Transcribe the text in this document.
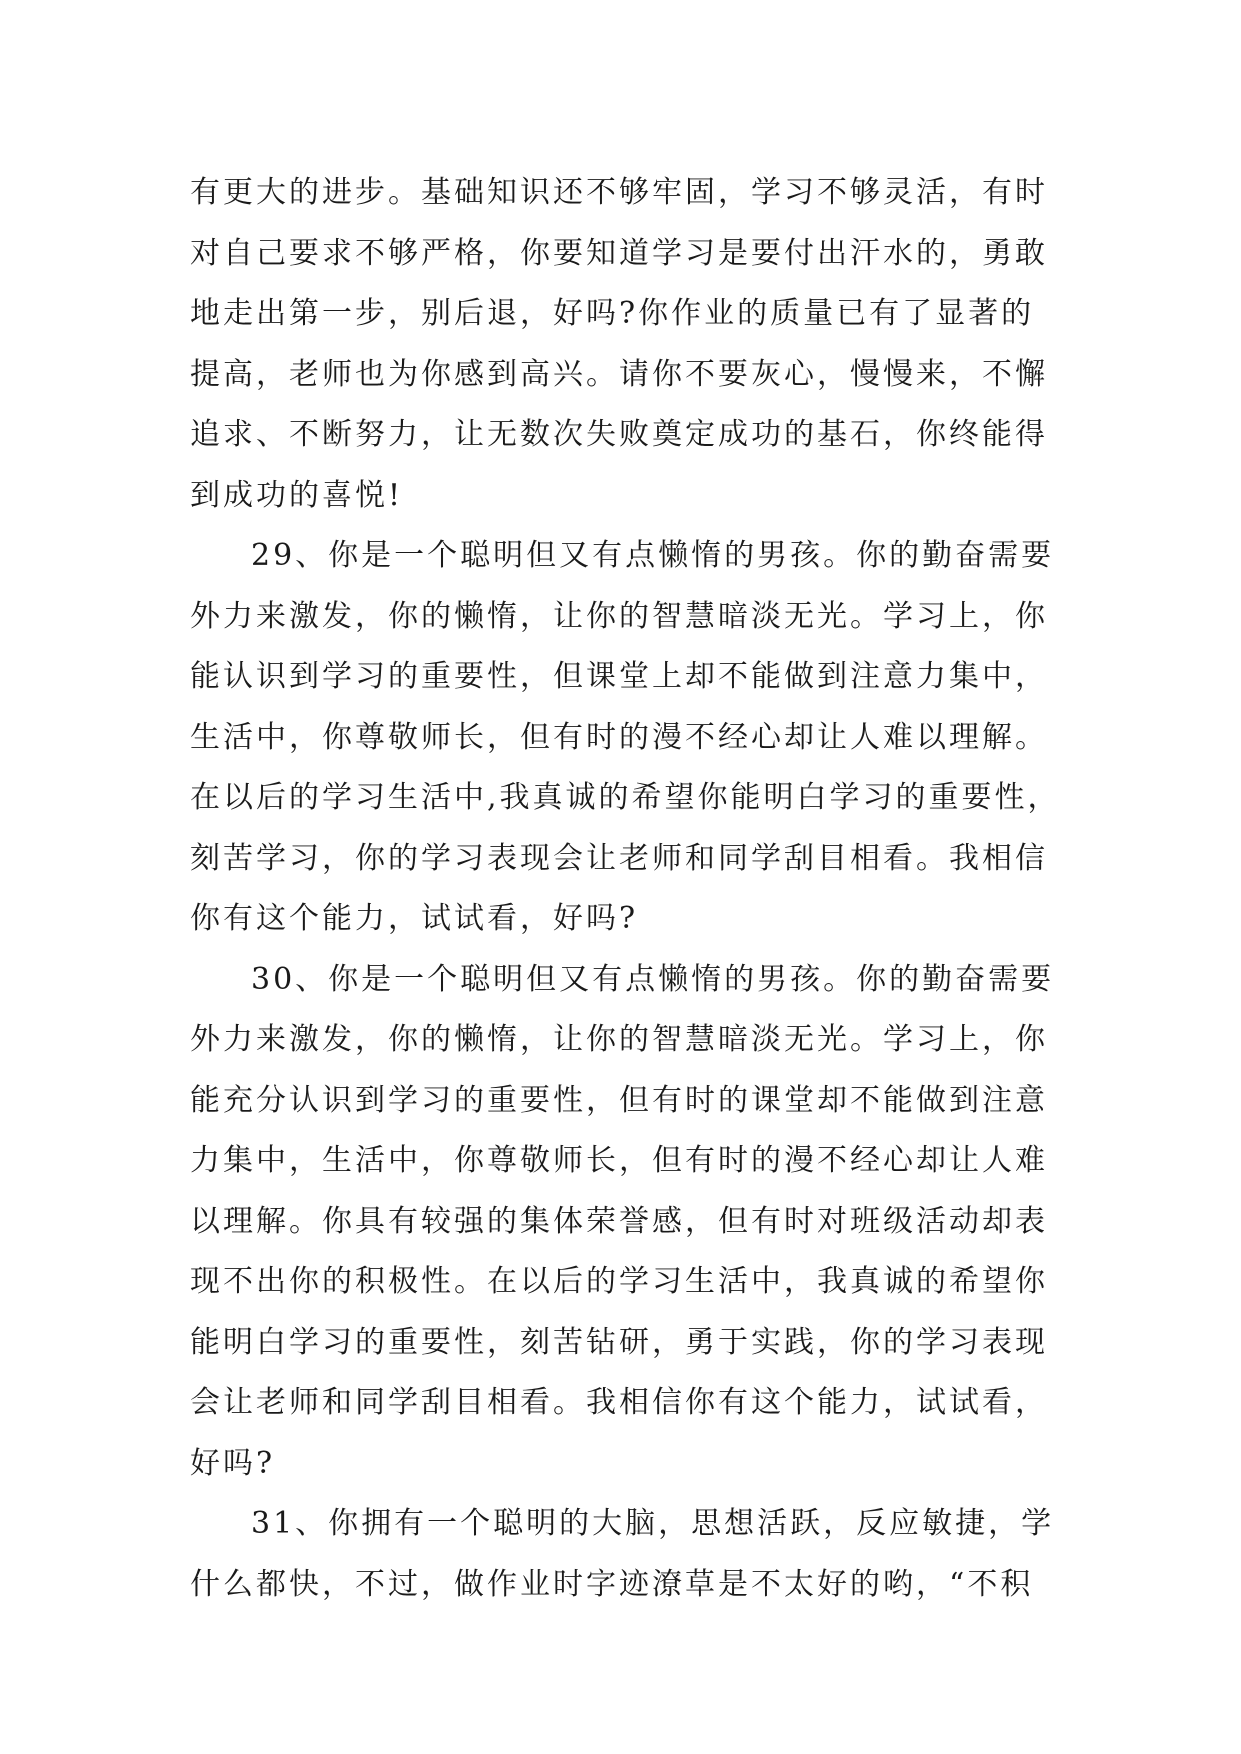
有更大的进步。基础知识还不够牢固，学习不够灵活，有时
对自己要求不够严格，你要知道学习是要付出汗水的，勇敢
地走出第一步，别后退，好吗?你作业的质量已有了显著的
提高，老师也为你感到高兴。请你不要灰心，慢慢来，不懈
追求、不断努力，让无数次失败奠定成功的基石，你终能得
到成功的喜悦!
29、你是一个聪明但又有点懒惰的男孩。你的勤奋需要
外力来激发，你的懒惰，让你的智慧暗淡无光。学习上，你
能认识到学习的重要性，但课堂上却不能做到注意力集中，
生活中，你尊敬师长，但有时的漫不经心却让人难以理解。
在以后的学习生活中,我真诚的希望你能明白学习的重要性，
刻苦学习，你的学习表现会让老师和同学刮目相看。我相信
你有这个能力，试试看，好吗?
30、你是一个聪明但又有点懒惰的男孩。你的勤奋需要
外力来激发，你的懒惰，让你的智慧暗淡无光。学习上，你
能充分认识到学习的重要性，但有时的课堂却不能做到注意
力集中，生活中，你尊敬师长，但有时的漫不经心却让人难
以理解。你具有较强的集体荣誉感，但有时对班级活动却表
现不出你的积极性。在以后的学习生活中，我真诚的希望你
能明白学习的重要性，刻苦钻研，勇于实践，你的学习表现
会让老师和同学刮目相看。我相信你有这个能力，试试看，
好吗?
31、你拥有一个聪明的大脑，思想活跃，反应敏捷，学
什么都快，不过，做作业时字迹潦草是不太好的哟，“不积
